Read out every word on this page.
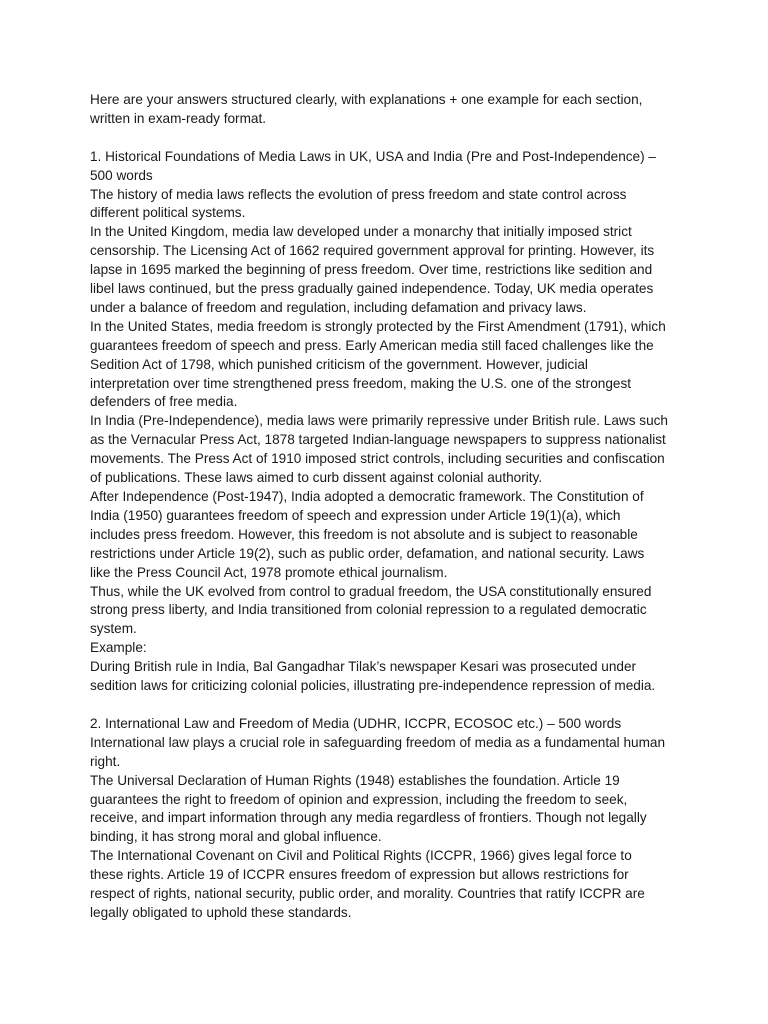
Here are your answers structured clearly, with explanations + one example for each section,
written in exam-ready format.

1. Historical Foundations of Media Laws in UK, USA and India (Pre and Post-Independence) –
500 words

The history of media laws reflects the evolution of press freedom and state control across
different political systems.

In the United Kingdom, media law developed under a monarchy that initially imposed strict
censorship. The Licensing Act of 1662 required government approval for printing. However, its
lapse in 1695 marked the beginning of press freedom. Over time, restrictions like sedition and
libel laws continued, but the press gradually gained independence. Today, UK media operates
under a balance of freedom and regulation, including defamation and privacy laws.

In the United States, media freedom is strongly protected by the First Amendment (1791), which
guarantees freedom of speech and press. Early American media still faced challenges like the
Sedition Act of 1798, which punished criticism of the government. However, judicial
interpretation over time strengthened press freedom, making the U.S. one of the strongest
defenders of free media.

In India (Pre-Independence), media laws were primarily repressive under British rule. Laws such
as the Vernacular Press Act, 1878 targeted Indian-language newspapers to suppress nationalist
movements. The Press Act of 1910 imposed strict controls, including securities and confiscation
of publications. These laws aimed to curb dissent against colonial authority.

After Independence (Post-1947), India adopted a democratic framework. The Constitution of
India (1950) guarantees freedom of speech and expression under Article 19(1)(a), which
includes press freedom. However, this freedom is not absolute and is subject to reasonable
restrictions under Article 19(2), such as public order, defamation, and national security. Laws
like the Press Council Act, 1978 promote ethical journalism.

Thus, while the UK evolved from control to gradual freedom, the USA constitutionally ensured
strong press liberty, and India transitioned from colonial repression to a regulated democratic
system.

Example:

During British rule in India, Bal Gangadhar Tilak’s newspaper Kesari was prosecuted under
sedition laws for criticizing colonial policies, illustrating pre-independence repression of media.

2. International Law and Freedom of Media (UDHR, ICCPR, ECOSOC etc.) – 500 words

International law plays a crucial role in safeguarding freedom of media as a fundamental human
right.

The Universal Declaration of Human Rights (1948) establishes the foundation. Article 19
guarantees the right to freedom of opinion and expression, including the freedom to seek,
receive, and impart information through any media regardless of frontiers. Though not legally
binding, it has strong moral and global influence.

The International Covenant on Civil and Political Rights (ICCPR, 1966) gives legal force to
these rights. Article 19 of ICCPR ensures freedom of expression but allows restrictions for
respect of rights, national security, public order, and morality. Countries that ratify ICCPR are
legally obligated to uphold these standards.
